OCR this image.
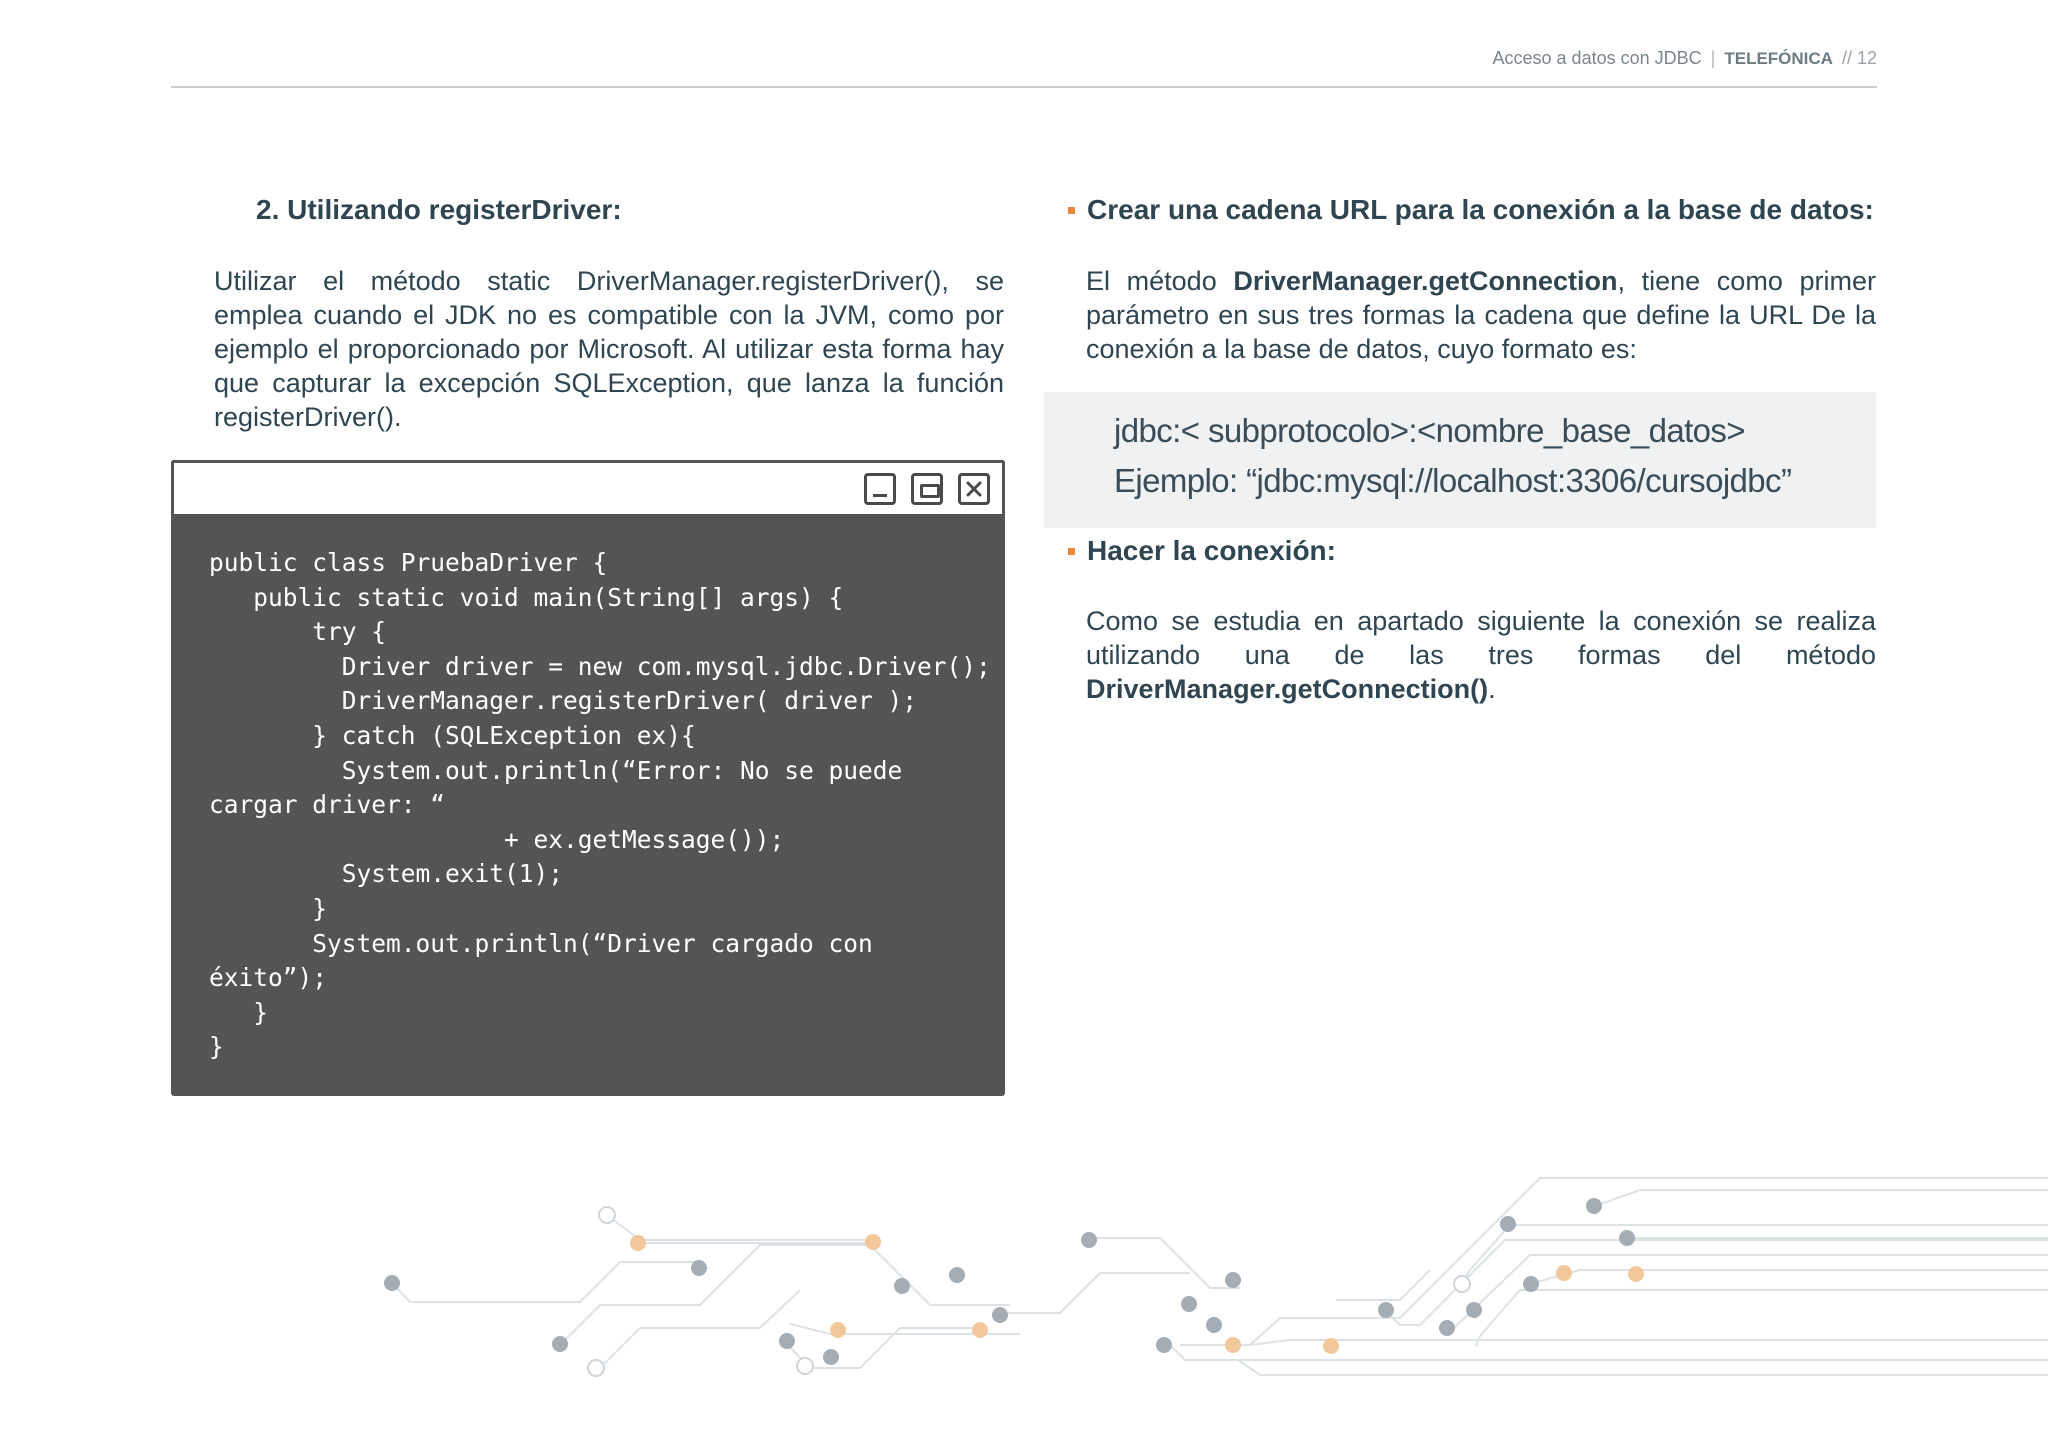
Acceso a datos con JDBC | TELEFÓNICA // 12
2. Utilizando registerDriver:
Utilizar el método static DriverManager.registerDriver(), se emplea cuando el JDK no es compatible con la JVM, como por ejemplo el proporcionado por Microsoft. Al utilizar esta forma hay que capturar la excepción SQLException, que lanza la función registerDriver().
public class PruebaDriver {
public static void main(String[] args) {
try {
Driver driver = new com.mysql.jdbc.Driver();
DriverManager.registerDriver( driver );
} catch (SQLException ex){
System.out.println(“Error: No se puede
cargar driver: “
+ ex.getMessage());
System.exit(1);
}
System.out.println(“Driver cargado con
éxito”);
}
}
Crear una cadena URL para la conexión a la base de datos:
El método DriverManager.getConnection, tiene como primer parámetro en sus tres formas la cadena que define la URL De la conexión a la base de datos, cuyo formato es:
jdbc:< subprotocolo>:<nombre_base_datos>
Ejemplo: “jdbc:mysql://localhost:3306/cursojdbc”
Hacer la conexión:
Como se estudia en apartado siguiente la conexión se realiza utilizando una de las tres formas del método DriverManager.getConnection().
